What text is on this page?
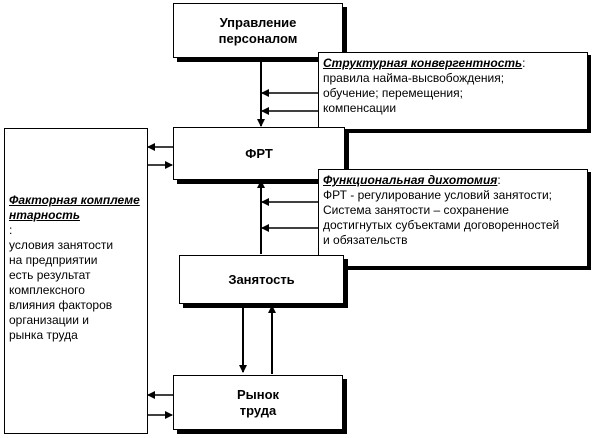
Управление
персоналом
Структурная конвергентность:
правила найма-высвобождения;
обучение; перемещения;
компенсации
ФРТ
Функциональная дихотомия:
ФРТ - регулирование условий занятости;
Система занятости – сохранение
достигнутых субъектами договоренностей
и обязательств
Занятость
Рынок
труда
Факторная комплементарность
:
условия занятости
на предприятии
есть результат
комплексного
влияния факторов
организации и
рынка труда
